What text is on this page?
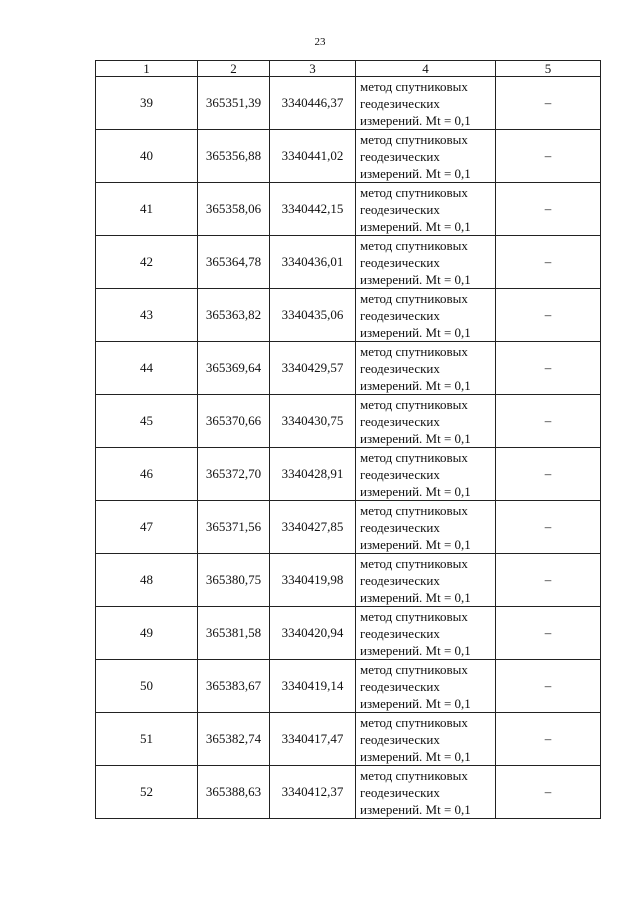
23
1	2	3	4	5
39	365351,39	3340446,37	метод спутниковых
геодезических
измерений. Mt = 0,1	–
40	365356,88	3340441,02	метод спутниковых
геодезических
измерений. Mt = 0,1	–
41	365358,06	3340442,15	метод спутниковых
геодезических
измерений. Mt = 0,1	–
42	365364,78	3340436,01	метод спутниковых
геодезических
измерений. Mt = 0,1	–
43	365363,82	3340435,06	метод спутниковых
геодезических
измерений. Mt = 0,1	–
44	365369,64	3340429,57	метод спутниковых
геодезических
измерений. Mt = 0,1	–
45	365370,66	3340430,75	метод спутниковых
геодезических
измерений. Mt = 0,1	–
46	365372,70	3340428,91	метод спутниковых
геодезических
измерений. Mt = 0,1	–
47	365371,56	3340427,85	метод спутниковых
геодезических
измерений. Mt = 0,1	–
48	365380,75	3340419,98	метод спутниковых
геодезических
измерений. Mt = 0,1	–
49	365381,58	3340420,94	метод спутниковых
геодезических
измерений. Mt = 0,1	–
50	365383,67	3340419,14	метод спутниковых
геодезических
измерений. Mt = 0,1	–
51	365382,74	3340417,47	метод спутниковых
геодезических
измерений. Mt = 0,1	–
52	365388,63	3340412,37	метод спутниковых
геодезических
измерений. Mt = 0,1	–
